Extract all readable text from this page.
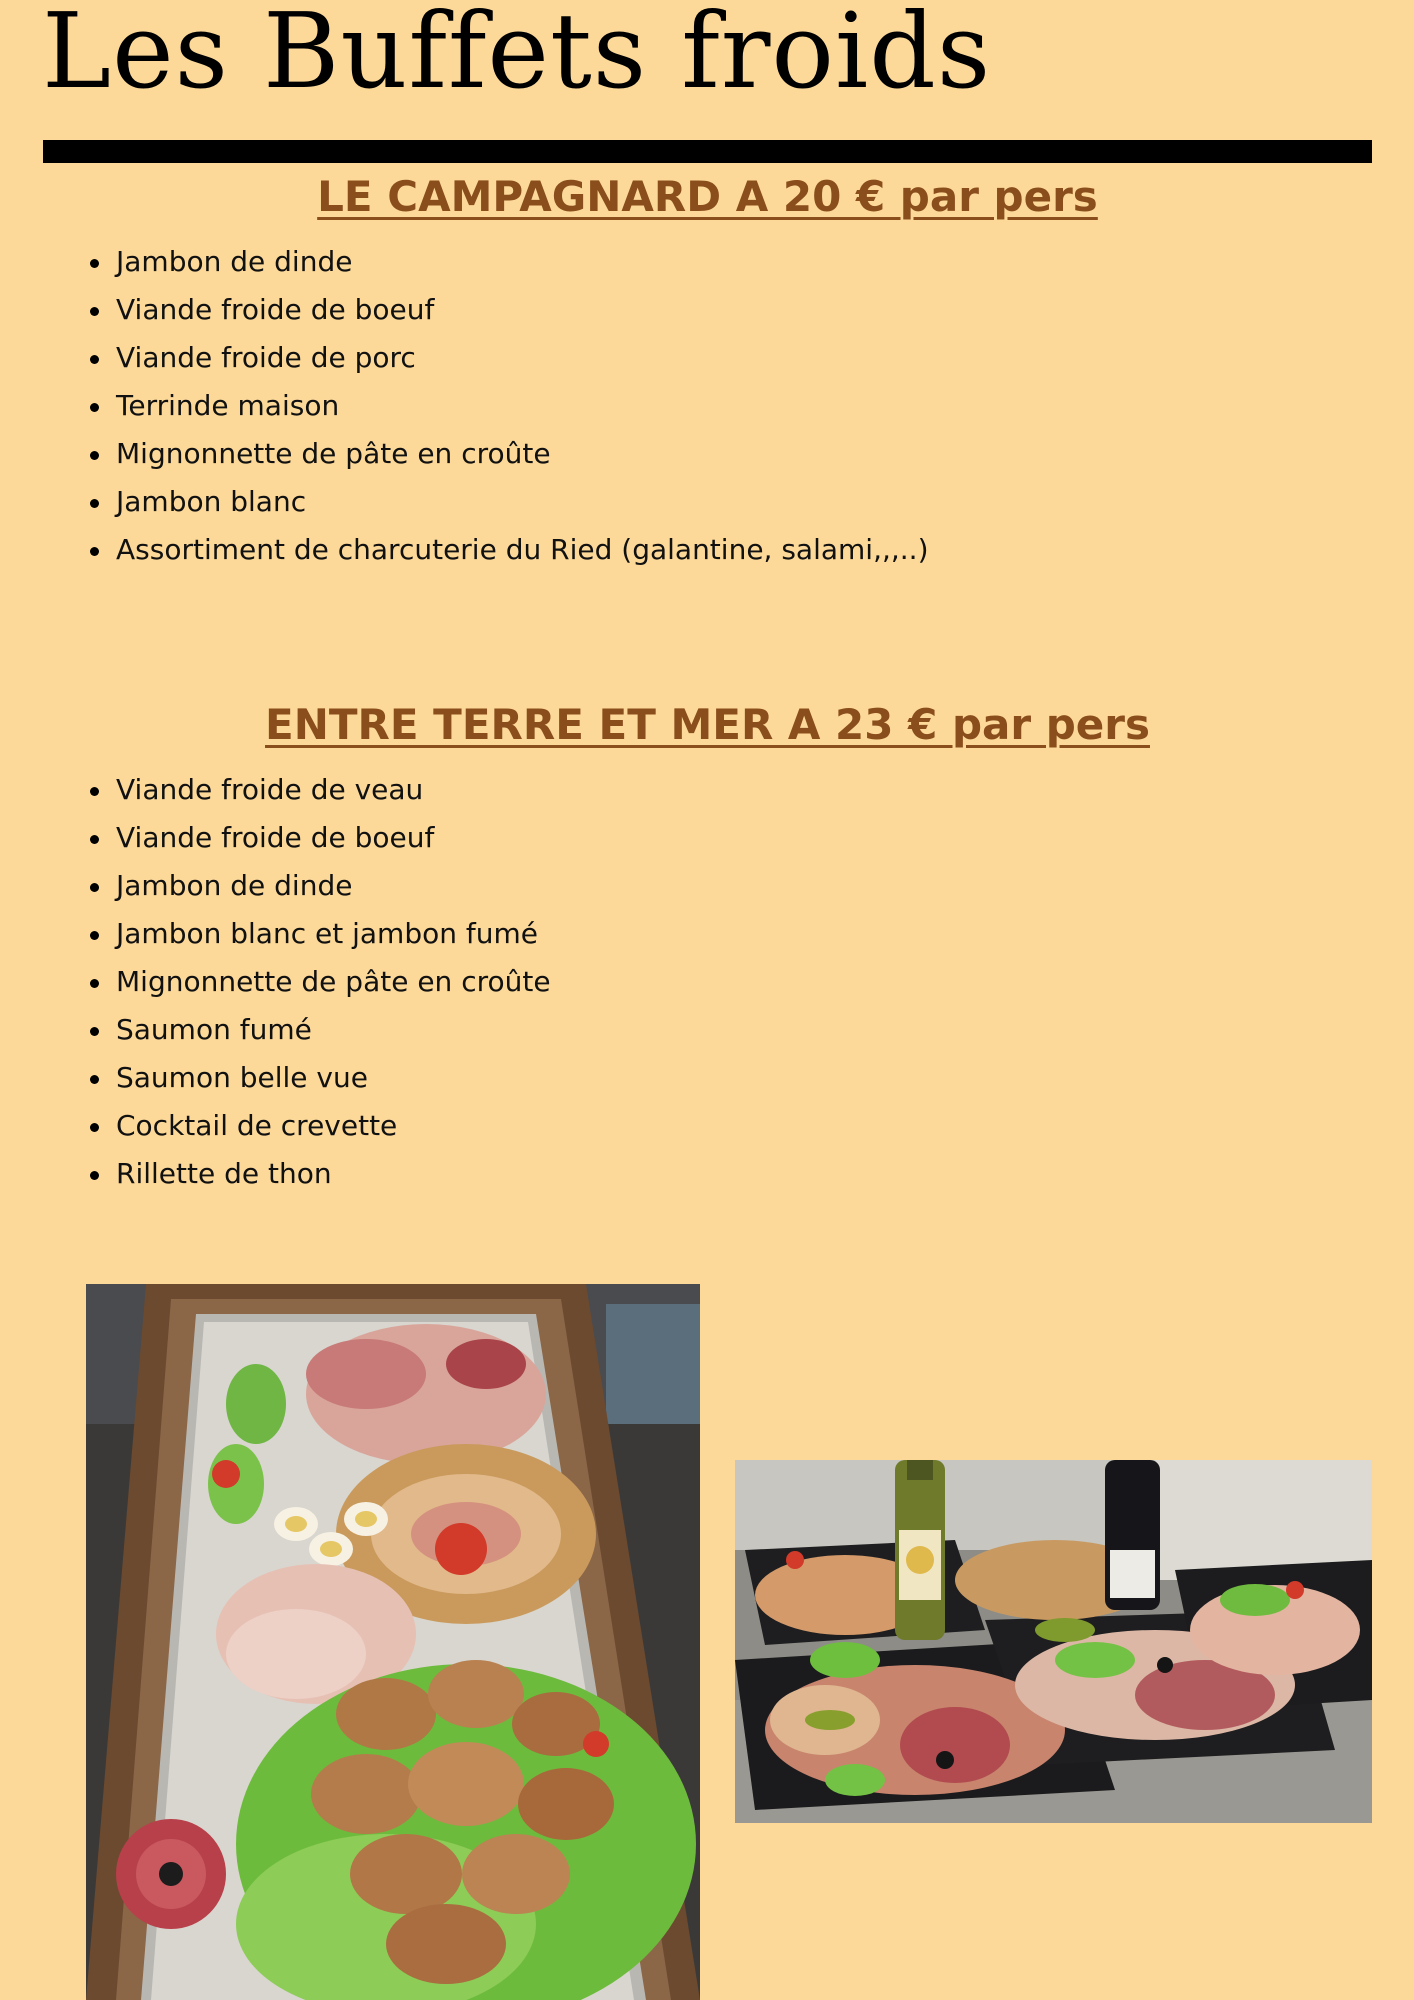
Les Buffets froids
LE CAMPAGNARD A 20 € par pers
Jambon de dinde
Viande froide de boeuf
Viande froide de porc
Terrinde maison
Mignonnette de pâte en croûte
Jambon blanc
Assortiment de charcuterie du Ried (galantine, salami,,,..)
ENTRE TERRE ET MER A 23 € par pers
Viande froide de veau
Viande froide de boeuf
Jambon de dinde
Jambon blanc et jambon fumé
Mignonnette de pâte en croûte
Saumon fumé
Saumon belle vue
Cocktail de crevette
Rillette de thon
